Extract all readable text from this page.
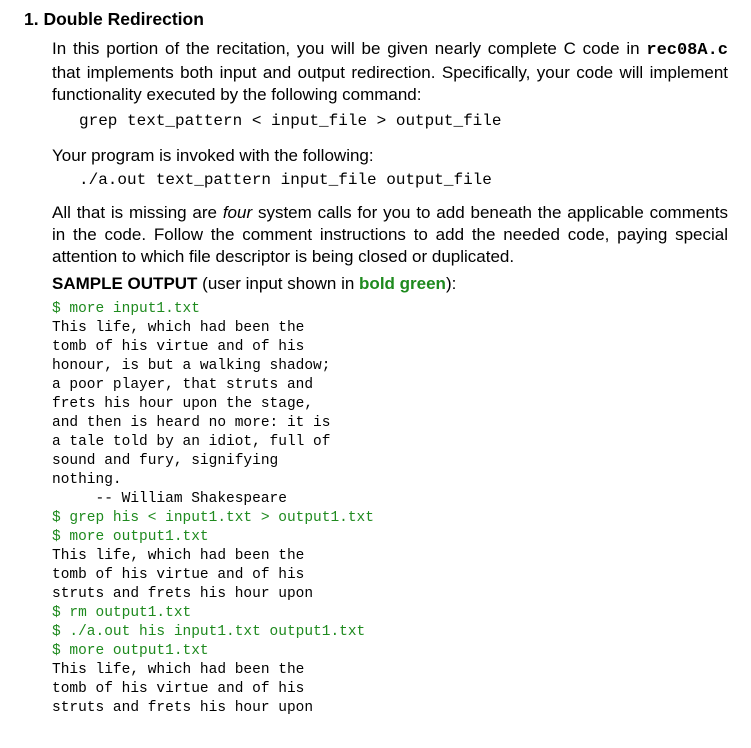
1. Double Redirection
In this portion of the recitation, you will be given nearly complete C code in rec08A.c that implements both input and output redirection. Specifically, your code will implement functionality executed by the following command:
grep text_pattern < input_file > output_file
Your program is invoked with the following:
./a.out text_pattern input_file output_file
All that is missing are four system calls for you to add beneath the applicable comments in the code. Follow the comment instructions to add the needed code, paying special attention to which file descriptor is being closed or duplicated.
SAMPLE OUTPUT (user input shown in bold green):
$ more input1.txt
This life, which had been the
tomb of his virtue and of his
honour, is but a walking shadow;
a poor player, that struts and
frets his hour upon the stage,
and then is heard no more: it is
a tale told by an idiot, full of
sound and fury, signifying
nothing.
-- William Shakespeare
$ grep his < input1.txt > output1.txt
$ more output1.txt
This life, which had been the
tomb of his virtue and of his
struts and frets his hour upon
$ rm output1.txt
$ ./a.out his input1.txt output1.txt
$ more output1.txt
This life, which had been the
tomb of his virtue and of his
struts and frets his hour upon
